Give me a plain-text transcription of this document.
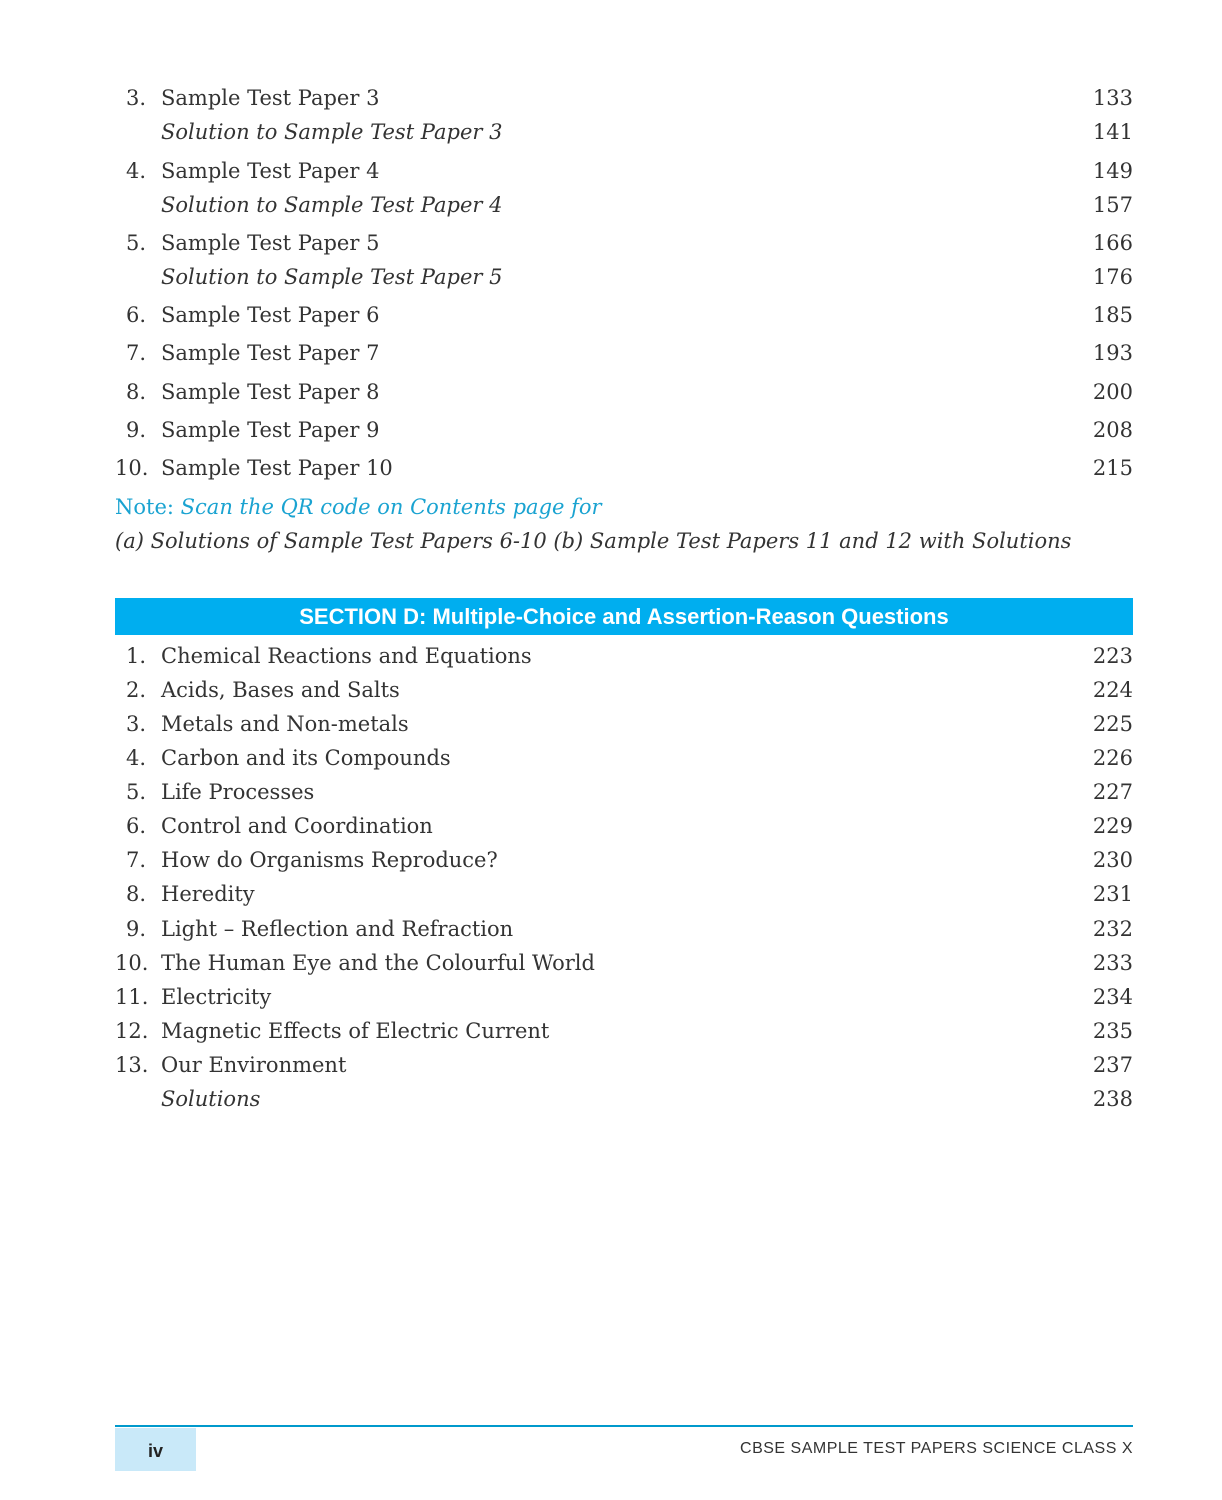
3. Sample Test Paper 3	133
Solution to Sample Test Paper 3	141
4. Sample Test Paper 4	149
Solution to Sample Test Paper 4	157
5. Sample Test Paper 5	166
Solution to Sample Test Paper 5	176
6. Sample Test Paper 6	185
7. Sample Test Paper 7	193
8. Sample Test Paper 8	200
9. Sample Test Paper 9	208
10. Sample Test Paper 10	215
Note: Scan the QR code on Contents page for
(a) Solutions of Sample Test Papers 6-10 (b) Sample Test Papers 11 and 12 with Solutions
SECTION D: Multiple-Choice and Assertion-Reason Questions
1. Chemical Reactions and Equations	223
2. Acids, Bases and Salts	224
3. Metals and Non-metals	225
4. Carbon and its Compounds	226
5. Life Processes	227
6. Control and Coordination	229
7. How do Organisms Reproduce?	230
8. Heredity	231
9. Light – Reflection and Refraction	232
10. The Human Eye and the Colourful World	233
11. Electricity	234
12. Magnetic Effects of Electric Current	235
13. Our Environment	237
Solutions	238
iv	CBSE SAMPLE TEST PAPERS SCIENCE CLASS X
